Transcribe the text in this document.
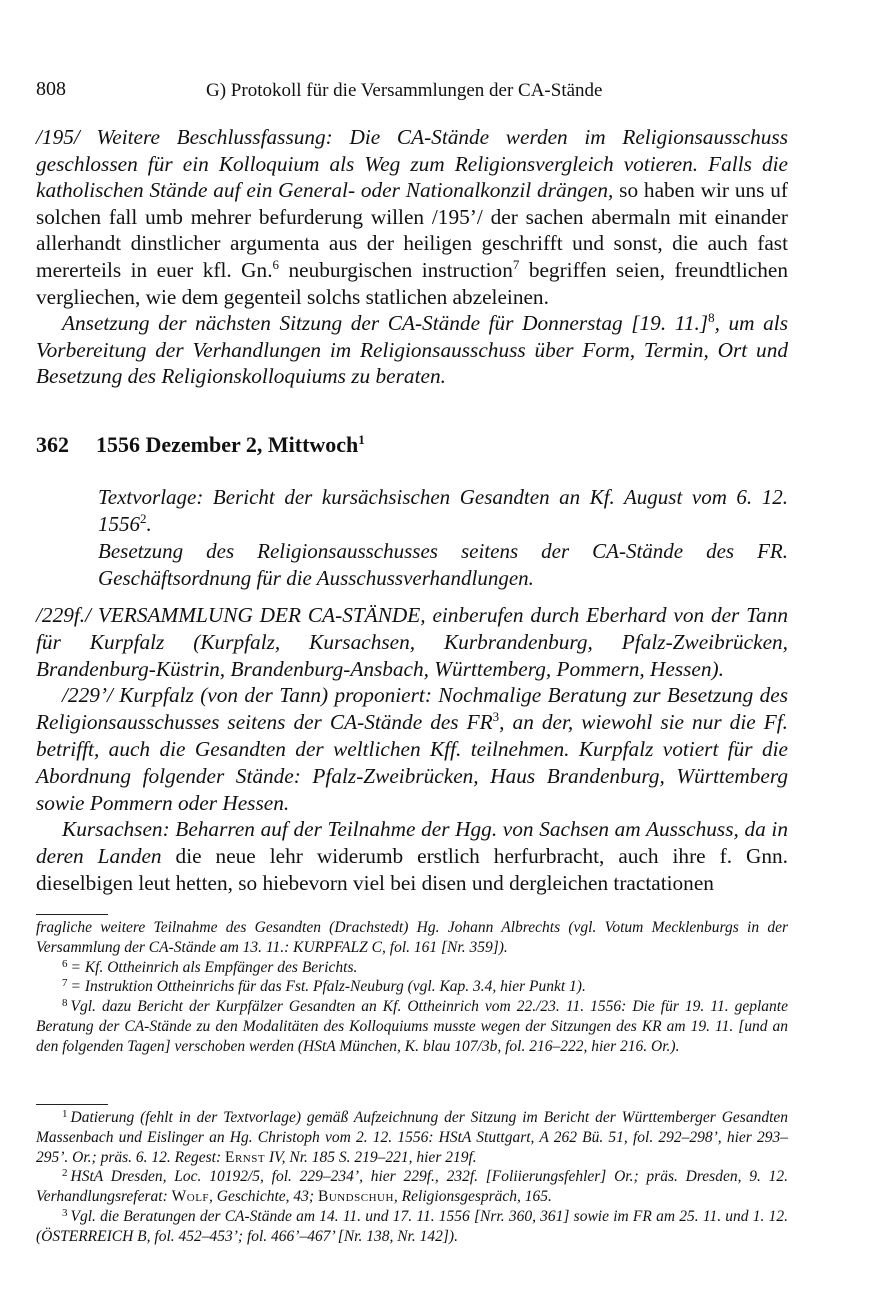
808	G) Protokoll für die Versammlungen der CA-Stände

/195/ Weitere Beschlussfassung: Die CA-Stände werden im Religionsausschuss geschlossen für ein Kolloquium als Weg zum Religionsvergleich votieren. Falls die katholischen Stände auf ein General- oder Nationalkonzil drängen, so haben wir uns uf solchen fall umb mehrer befurderung willen /195’/ der sachen abermaln mit einander allerhandt dinstlicher argumenta aus der heiligen geschrifft und sonst, die auch fast mererteils in euer kfl. Gn.$^6$ neuburgischen instruction$^7$ begriffen seien, freundtlichen vergliechen, wie dem gegenteil solchs statlichen abzeleinen.

Ansetzung der nächsten Sitzung der CA-Stände für Donnerstag [19. 11.]$^8$, um als Vorbereitung der Verhandlungen im Religionsausschuss über Form, Termin, Ort und Besetzung des Religionskolloquiums zu beraten.

362 1556 Dezember 2, Mittwoch$^1$

Textvorlage: Bericht der kursächsischen Gesandten an Kf. August vom 6. 12. 1556$^2$.

Besetzung des Religionsausschusses seitens der CA-Stände des FR. Geschäftsordnung für die Ausschussverhandlungen.

/229f./ VERSAMMLUNG DER CA-STÄNDE, einberufen durch Eberhard von der Tann für Kurpfalz (Kurpfalz, Kursachsen, Kurbrandenburg, Pfalz-Zweibrücken, Brandenburg-Küstrin, Brandenburg-Ansbach, Württemberg, Pommern, Hessen).

/229’/ Kurpfalz (von der Tann) proponiert: Nochmalige Beratung zur Besetzung des Religionsausschusses seitens der CA-Stände des FR$^3$, an der, wiewohl sie nur die Ff. betrifft, auch die Gesandten der weltlichen Kff. teilnehmen. Kurpfalz votiert für die Abordnung folgender Stände: Pfalz-Zweibrücken, Haus Brandenburg, Württemberg sowie Pommern oder Hessen.

Kursachsen: Beharren auf der Teilnahme der Hgg. von Sachsen am Ausschuss, da in deren Landen die neue lehr widerumb erstlich herfurbracht, auch ihre f. Gnn. dieselbigen leut hetten, so hiebevorn viel bei disen und dergleichen tractationen

fragliche weitere Teilnahme des Gesandten (Drachstedt) Hg. Johann Albrechts (vgl. Votum Mecklenburgs in der Versammlung der CA-Stände am 13. 11.: KURPFALZ C, fol. 161 [Nr. 359]).

$^6$ = Kf. Ottheinrich als Empfänger des Berichts.

$^7$ = Instruktion Ottheinrichs für das Fst. Pfalz-Neuburg (vgl. Kap. 3.4, hier Punkt 1).

$^8$ Vgl. dazu Bericht der Kurpfälzer Gesandten an Kf. Ottheinrich vom 22./23. 11. 1556: Die für 19. 11. geplante Beratung der CA-Stände zu den Modalitäten des Kolloquiums musste wegen der Sitzungen des KR am 19. 11. [und an den folgenden Tagen] verschoben werden (HStA München, K. blau 107/3b, fol. 216–222, hier 216. Or.).

$^1$ Datierung (fehlt in der Textvorlage) gemäß Aufzeichnung der Sitzung im Bericht der Württemberger Gesandten Massenbach und Eislinger an Hg. Christoph vom 2. 12. 1556: HStA Stuttgart, A 262 Bü. 51, fol. 292–298’, hier 293–295’. Or.; präs. 6. 12. Regest: Ernst IV, Nr. 185 S. 219–221, hier 219f.

$^2$ HStA Dresden, Loc. 10192/5, fol. 229–234’, hier 229f., 232f. [Foliierungsfehler] Or.; präs. Dresden, 9. 12. Verhandlungsreferat: Wolf, Geschichte, 43; Bundschuh, Religionsgespräch, 165.

$^3$ Vgl. die Beratungen der CA-Stände am 14. 11. und 17. 11. 1556 [Nrr. 360, 361] sowie im FR am 25. 11. und 1. 12. (ÖSTERREICH B, fol. 452–453’; fol. 466’–467’ [Nr. 138, Nr. 142]).
